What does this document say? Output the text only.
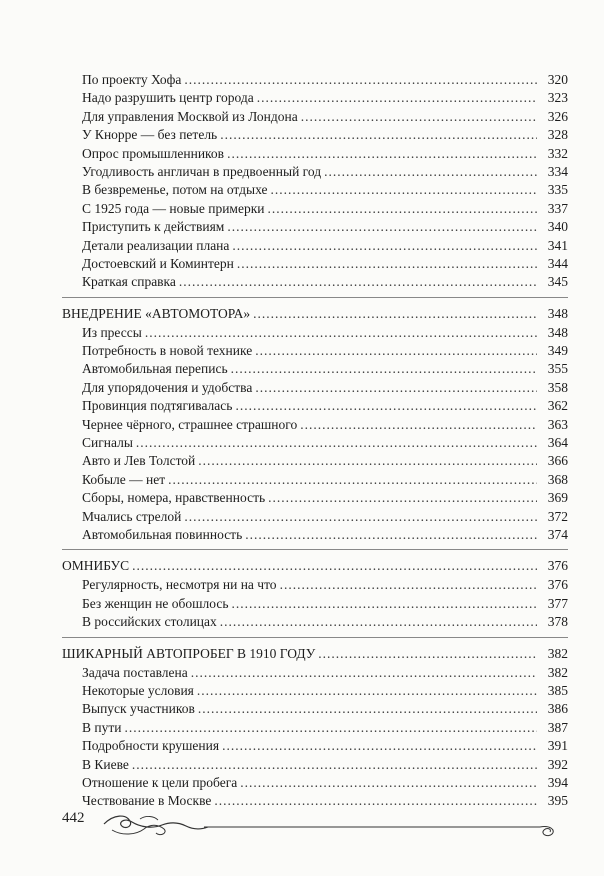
По проекту Хофа .....	320
Надо разрушить центр города .....	323
Для управления Москвой из Лондона .....	326
У Кнорре — без петель .....	328
Опрос промышленников .....	332
Угодливость англичан в предвоенный год .....	334
В безвременье, потом на отдыхе .....	335
С 1925 года — новые примерки .....	337
Приступить к действиям .....	340
Детали реализации плана .....	341
Достоевский и Коминтерн .....	344
Краткая справка .....	345
ВНЕДРЕНИЕ «АВТОМОТОРА» .....	348
Из прессы .....	348
Потребность в новой технике .....	349
Автомобильная перепись .....	355
Для упорядочения и удобства .....	358
Провинция подтягивалась .....	362
Чернее чёрного, страшнее страшного .....	363
Сигналы .....	364
Авто и Лев Толстой .....	366
Кобыле — нет .....	368
Сборы, номера, нравственность .....	369
Мчались стрелой .....	372
Автомобильная повинность .....	374
ОМНИБУС .....	376
Регулярность, несмотря ни на что .....	376
Без женщин не обошлось .....	377
В российских столицах .....	378
ШИКАРНЫЙ АВТОПРОБЕГ В 1910 ГОДУ .....	382
Задача поставлена .....	382
Некоторые условия .....	385
Выпуск участников .....	386
В пути .....	387
Подробности крушения .....	391
В Киеве .....	392
Отношение к цели пробега .....	394
Чествование в Москве .....	395
442
